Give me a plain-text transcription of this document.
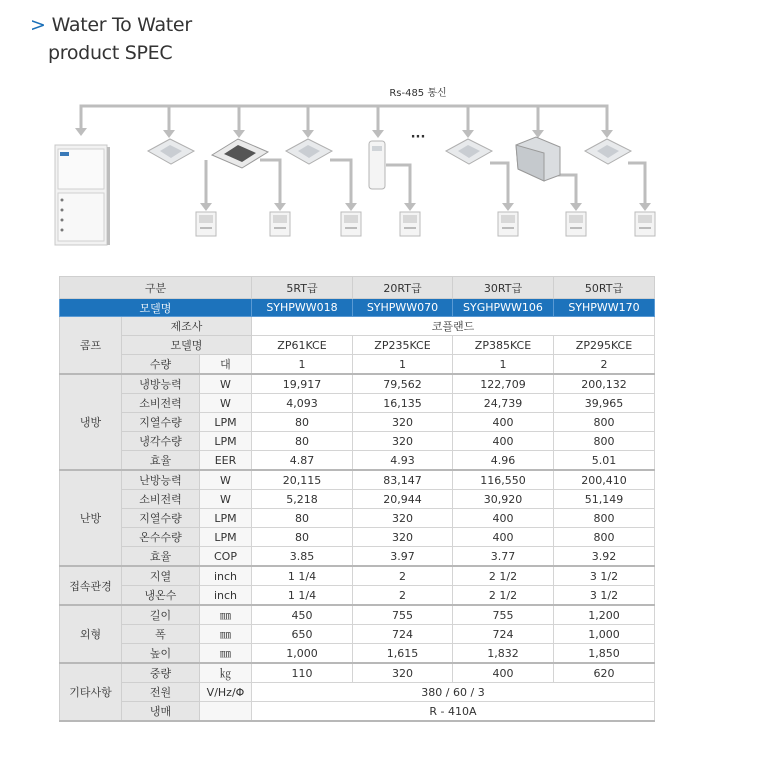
> Water To Water
product SPEC
Rs-485 통신
···
구분			5RT급	20RT급	30RT급	50RT급
모델명			SYHPWW018	SYHPWW070	SYGHPWW106	SYHPWW170
콤프	제조사		코플랜드			
	모델명		ZP61KCE	ZP235KCE	ZP385KCE	ZP295KCE
	수량	대	1	1	1	2
냉방	냉방능력	W	19,917	79,562	122,709	200,132
	소비전력	W	4,093	16,135	24,739	39,965
	지열수량	LPM	80	320	400	800
	냉각수량	LPM	80	320	400	800
	효율	EER	4.87	4.93	4.96	5.01
난방	난방능력	W	20,115	83,147	116,550	200,410
	소비전력	W	5,218	20,944	30,920	51,149
	지열수량	LPM	80	320	400	800
	온수수량	LPM	80	320	400	800
	효율	COP	3.85	3.97	3.77	3.92
접속관경	지열	inch	1 1/4	2	2 1/2	3 1/2
	냉온수	inch	1 1/4	2	2 1/2	3 1/2
외형	길이	㎜	450	755	755	1,200
	폭	㎜	650	724	724	1,000
	높이	㎜	1,000	1,615	1,832	1,850
기타사항	중량	㎏	110	320	400	620
	전원	V/Hz/Φ	380 / 60 / 3			
	냉매		R - 410A			
